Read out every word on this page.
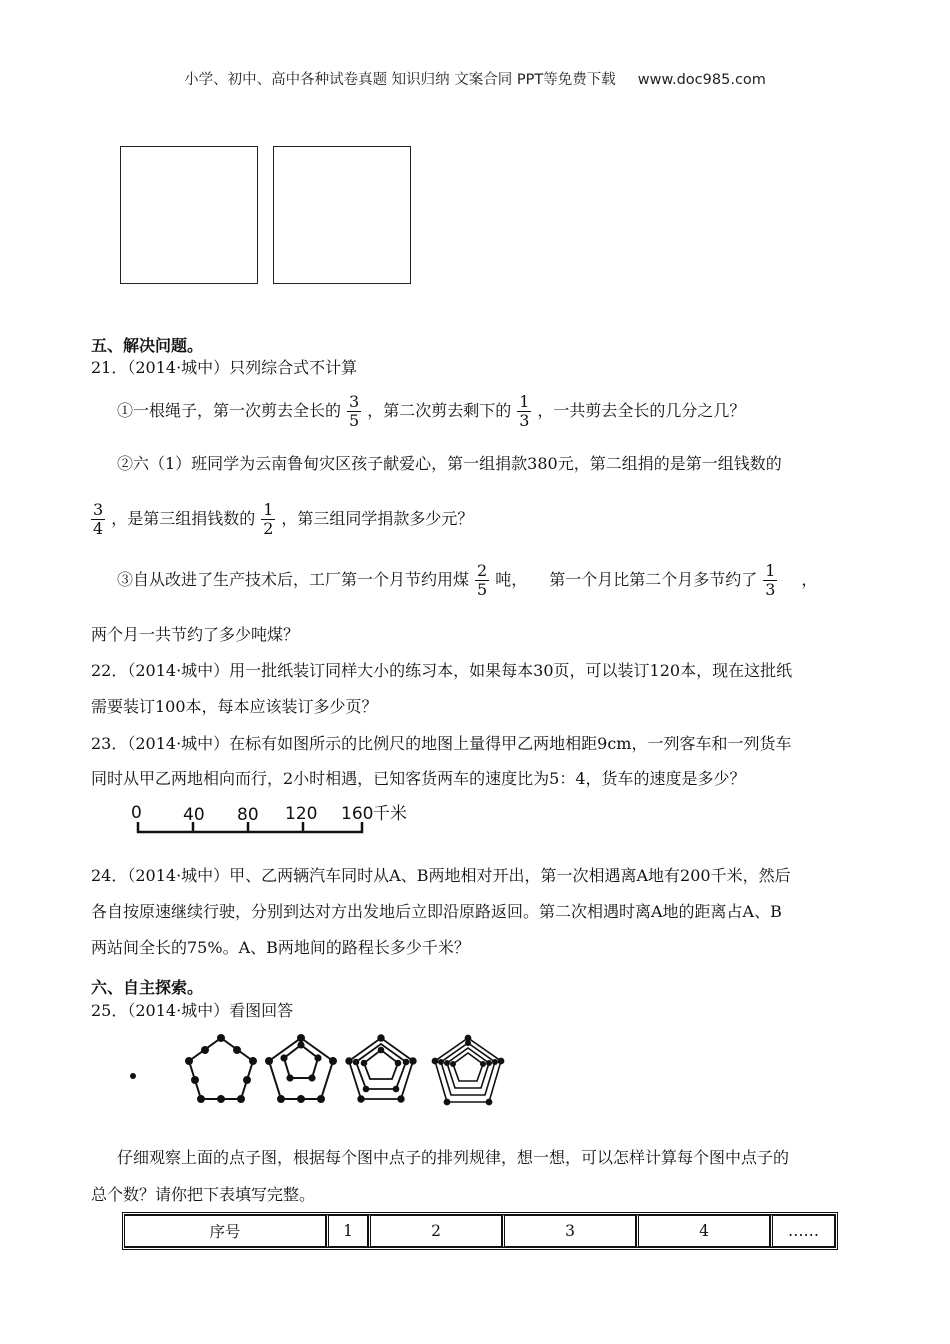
小学、初中、高中各种试卷真题 知识归纳 文案合同 PPT等免费下载 www.doc985.com
五、解决问题。
21．（2014·城中）只列综合式不计算
①一根绳子，第一次剪去全长的 $\frac{3}{5}$ ，第二次剪去剩下的 $\frac{1}{3}$ ，一共剪去全长的几分之几？
②六（1）班同学为云南鲁甸灾区孩子献爱心，第一组捐款380元，第二组捐的是第一组钱数的
$\frac{3}{4}$ ，是第三组捐钱数的 $\frac{1}{2}$ ，第三组同学捐款多少元？
③自从改进了生产技术后，工厂第一个月节约用煤 $\frac{2}{5}$ 吨， 第一个月比第二个月多节约了 $\frac{1}{3}$ ，
两个月一共节约了多少吨煤？
22．（2014·城中）用一批纸装订同样大小的练习本，如果每本30页，可以装订120本，现在这批纸
需要装订100本，每本应该装订多少页？
23．（2014·城中）在标有如图所示的比例尺的地图上量得甲乙两地相距9cm，一列客车和一列货车
同时从甲乙两地相向而行，2小时相遇，已知客货两车的速度比为5：4，货车的速度是多少？
0 40 80 120 160 千米
24．（2014·城中）甲、乙两辆汽车同时从A、B两地相对开出，第一次相遇离A地有200千米，然后
各自按原速继续行驶，分别到达对方出发地后立即沿原路返回。第二次相遇时离A地的距离占A、B
两站间全长的75%。A、B两地间的路程长多少千米？
六、自主探索。
25．（2014·城中）看图回答
仔细观察上面的点子图，根据每个图中点子的排列规律，想一想，可以怎样计算每个图中点子的
总个数？请你把下表填写完整。
序号	1	2	3	4	……
